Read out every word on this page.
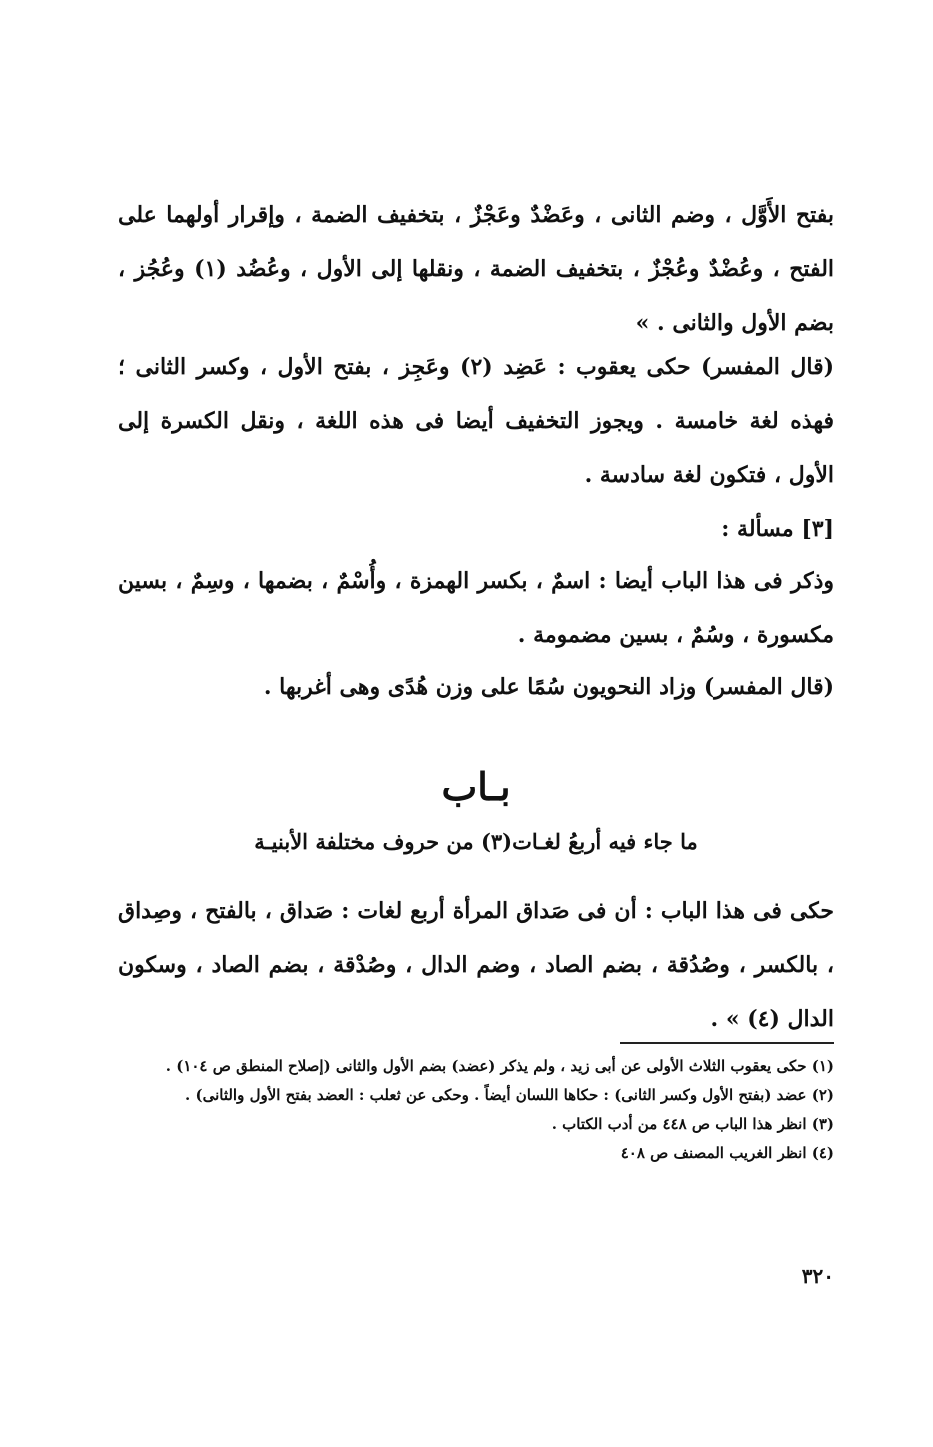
بفتح الأَوَّل ، وضم الثانى ، وعَضْدٌ وعَجْزٌ ، بتخفيف الضمة ، وإقرار أولهما على الفتح ، وعُضْدٌ وعُجْزٌ ، بتخفيف الضمة ، ونقلها إلى الأول ، وعُضُد (١) وعُجُز ، بضم الأول والثانى . »
(قال المفسر) حكى يعقوب : عَضِد (٢) وعَجِز ، بفتح الأول ، وكسر الثانى ؛ فهذه لغة خامسة . ويجوز التخفيف أيضا فى هذه اللغة ، ونقل الكسرة إلى الأول ، فتكون لغة سادسة .
[٣] مسألة :
وذكر فى هذا الباب أيضا : اسمٌ ، بكسر الهمزة ، وأُسْمٌ ، بضمها ، وسِمٌ ، بسين مكسورة ، وسُمٌ ، بسين مضمومة .
(قال المفسر) وزاد النحويون سُمًا على وزن هُدًى وهى أغربها .
بـاب
ما جاء فيه أربعُ لغـات(٣) من حروف مختلفة الأبنيـة
حكى فى هذا الباب : أن فى صَداق المرأة أربع لغات : صَداق ، بالفتح ، وصِداق ، بالكسر ، وصُدُقة ، بضم الصاد ، وضم الدال ، وصُدْقة ، بضم الصاد ، وسكون الدال (٤) » .
(١) حكى يعقوب الثلاث الأولى عن أبى زيد ، ولم يذكر (عضد) بضم الأول والثانى (إصلاح المنطق ص ١٠٤) .
(٢) عضد (بفتح الأول وكسر الثانى) : حكاها اللسان أيضاً . وحكى عن ثعلب : العضد بفتح الأول والثانى) .
(٣) انظر هذا الباب ص ٤٤٨ من أدب الكتاب .
(٤) انظر الغريب المصنف ص ٤٠٨
٣٢٠
